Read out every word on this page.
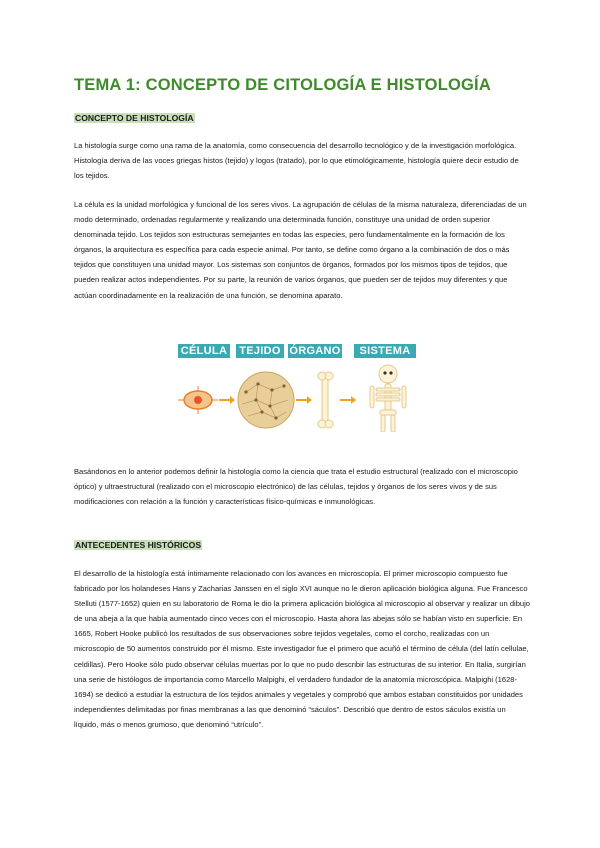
TEMA 1: CONCEPTO DE CITOLOGÍA E HISTOLOGÍA
CONCEPTO DE HISTOLOGÍA

La histología surge como una rama de la anatomía, como consecuencia del desarrollo tecnológico y de la investigación morfológica. Histología deriva de las voces griegas histos (tejido) y logos (tratado), por lo que etimológicamente, histología quiere decir estudio de los tejidos.

La célula es la unidad morfológica y funcional de los seres vivos. La agrupación de células de la misma naturaleza, diferenciadas de un modo determinado, ordenadas regularmente y realizando una determinada función, constituye una unidad de orden superior denominada tejido. Los tejidos son estructuras semejantes en todas las especies, pero fundamentalmente en la formación de los órganos, la arquitectura es específica para cada especie animal. Por tanto, se define como órgano a la combinación de dos o más tejidos que constituyen una unidad mayor. Los sistemas son conjuntos de órganos, formados por los mismos tipos de tejidos, que pueden realizar actos independientes. Por su parte, la reunión de varios órganos, que pueden ser de tejidos muy diferentes y que actúan coordinadamente en la realización de una función, se denomina aparato.

CÉLULA TEJIDO ÓRGANO	SISTEMA

Basándonos en lo anterior podemos definir la histología como la ciencia que trata el estudio estructural (realizado con el microscopio óptico) y ultraestructural (realizado con el microscopio electrónico) de las células, tejidos y órganos de los seres vivos y de sus modificaciones con relación a la función y características físico-químicas e inmunológicas.

ANTECEDENTES HISTÓRICOS

El desarrollo de la histología está íntimamente relacionado con los avances en microscopía. El primer microscopio compuesto fue fabricado por los holandeses Hans y Zacharias Janssen en el siglo XVI aunque no le dieron aplicación biológica alguna. Fue Francesco Stelluti (1577-1652) quien en su laboratorio de Roma le dio la primera aplicación biológica al microscopio al observar y realizar un dibujo de una abeja a la que había aumentado cinco veces con el microscopio. Hasta ahora las abejas sólo se habían visto en superficie. En 1665, Robert Hooke publicó los resultados de sus observaciones sobre tejidos vegetales, como el corcho, realizadas con un microscopio de 50 aumentos construido por él mismo. Este investigador fue el primero que acuñó el término de célula (del latín cellulae, celdillas). Pero Hooke sólo pudo observar células muertas por lo que no pudo describir las estructuras de su interior. En Italia, surgirían una serie de histólogos de importancia como Marcello Malpighi, el verdadero fundador de la anatomía microscópica. Malpighi (1628-1694) se dedicó a estudiar la estructura de los tejidos animales y vegetales y comprobó que ambos estaban constituidos por unidades independientes delimitadas por finas membranas a las que denominó “sáculos”. Describió que dentro de estos sáculos existía un líquido, más o menos grumoso, que denominó “utrículo”.
